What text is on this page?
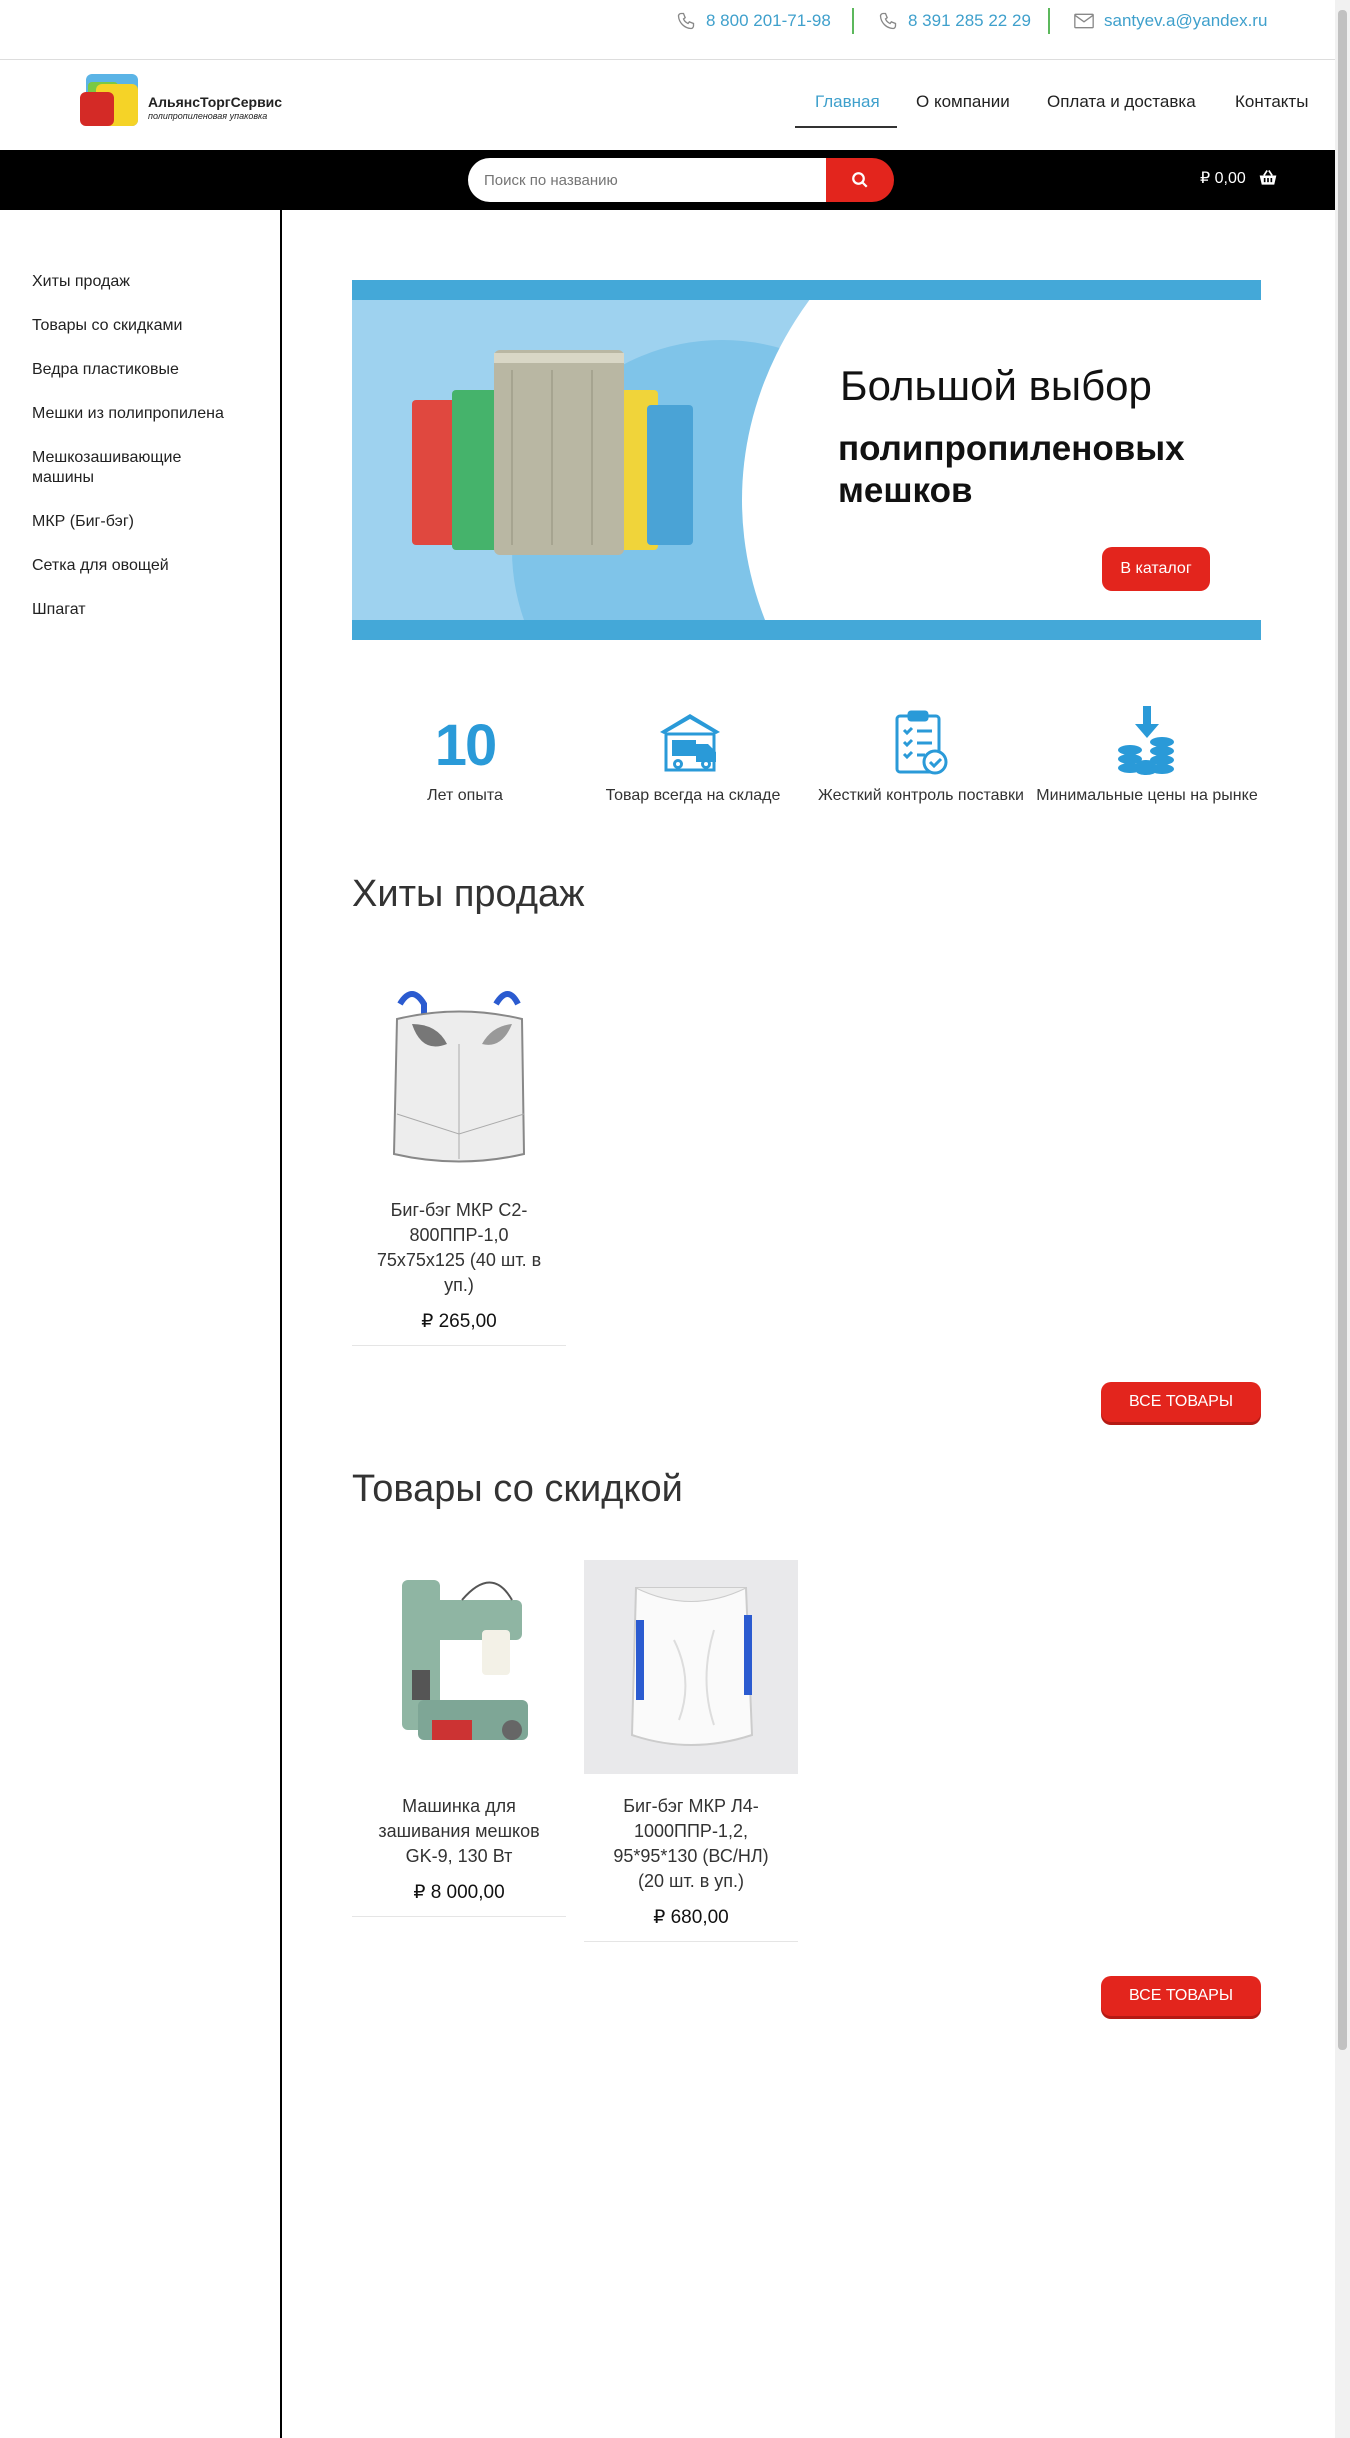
8 800 201-71-98	8 391 285 22 29	santyev.a@yandex.ru
АльянсТоргСервис
полипропиленовая упаковка
Главная О компании Оплата и доставка Контакты
Поиск по названию
₽ 0,00
Хиты продаж
Товары со скидками
Ведра пластиковые
Мешки из полипропилена
Мешкозашивающие машины
МКР (Биг-бэг)
Сетка для овощей
Шпагат
Большой выбор
полипропиленовых мешков
В каталог
10
Лет опыта	Товар всегда на складе	Жесткий контроль поставки Минимальные цены на рынке
Хиты продаж
Биг-бэг МКР С2-800ППР-1,0 75х75х125 (40 шт. в уп.)
₽ 265,00
ВСЕ ТОВАРЫ
Товары со скидкой
Машинка для зашивания мешков GK-9, 130 Вт
₽ 8 000,00
Биг-бэг МКР Л4-1000ППР-1,2, 95*95*130 (ВС/НЛ) (20 шт. в уп.)
₽ 680,00
ВСЕ ТОВАРЫ
